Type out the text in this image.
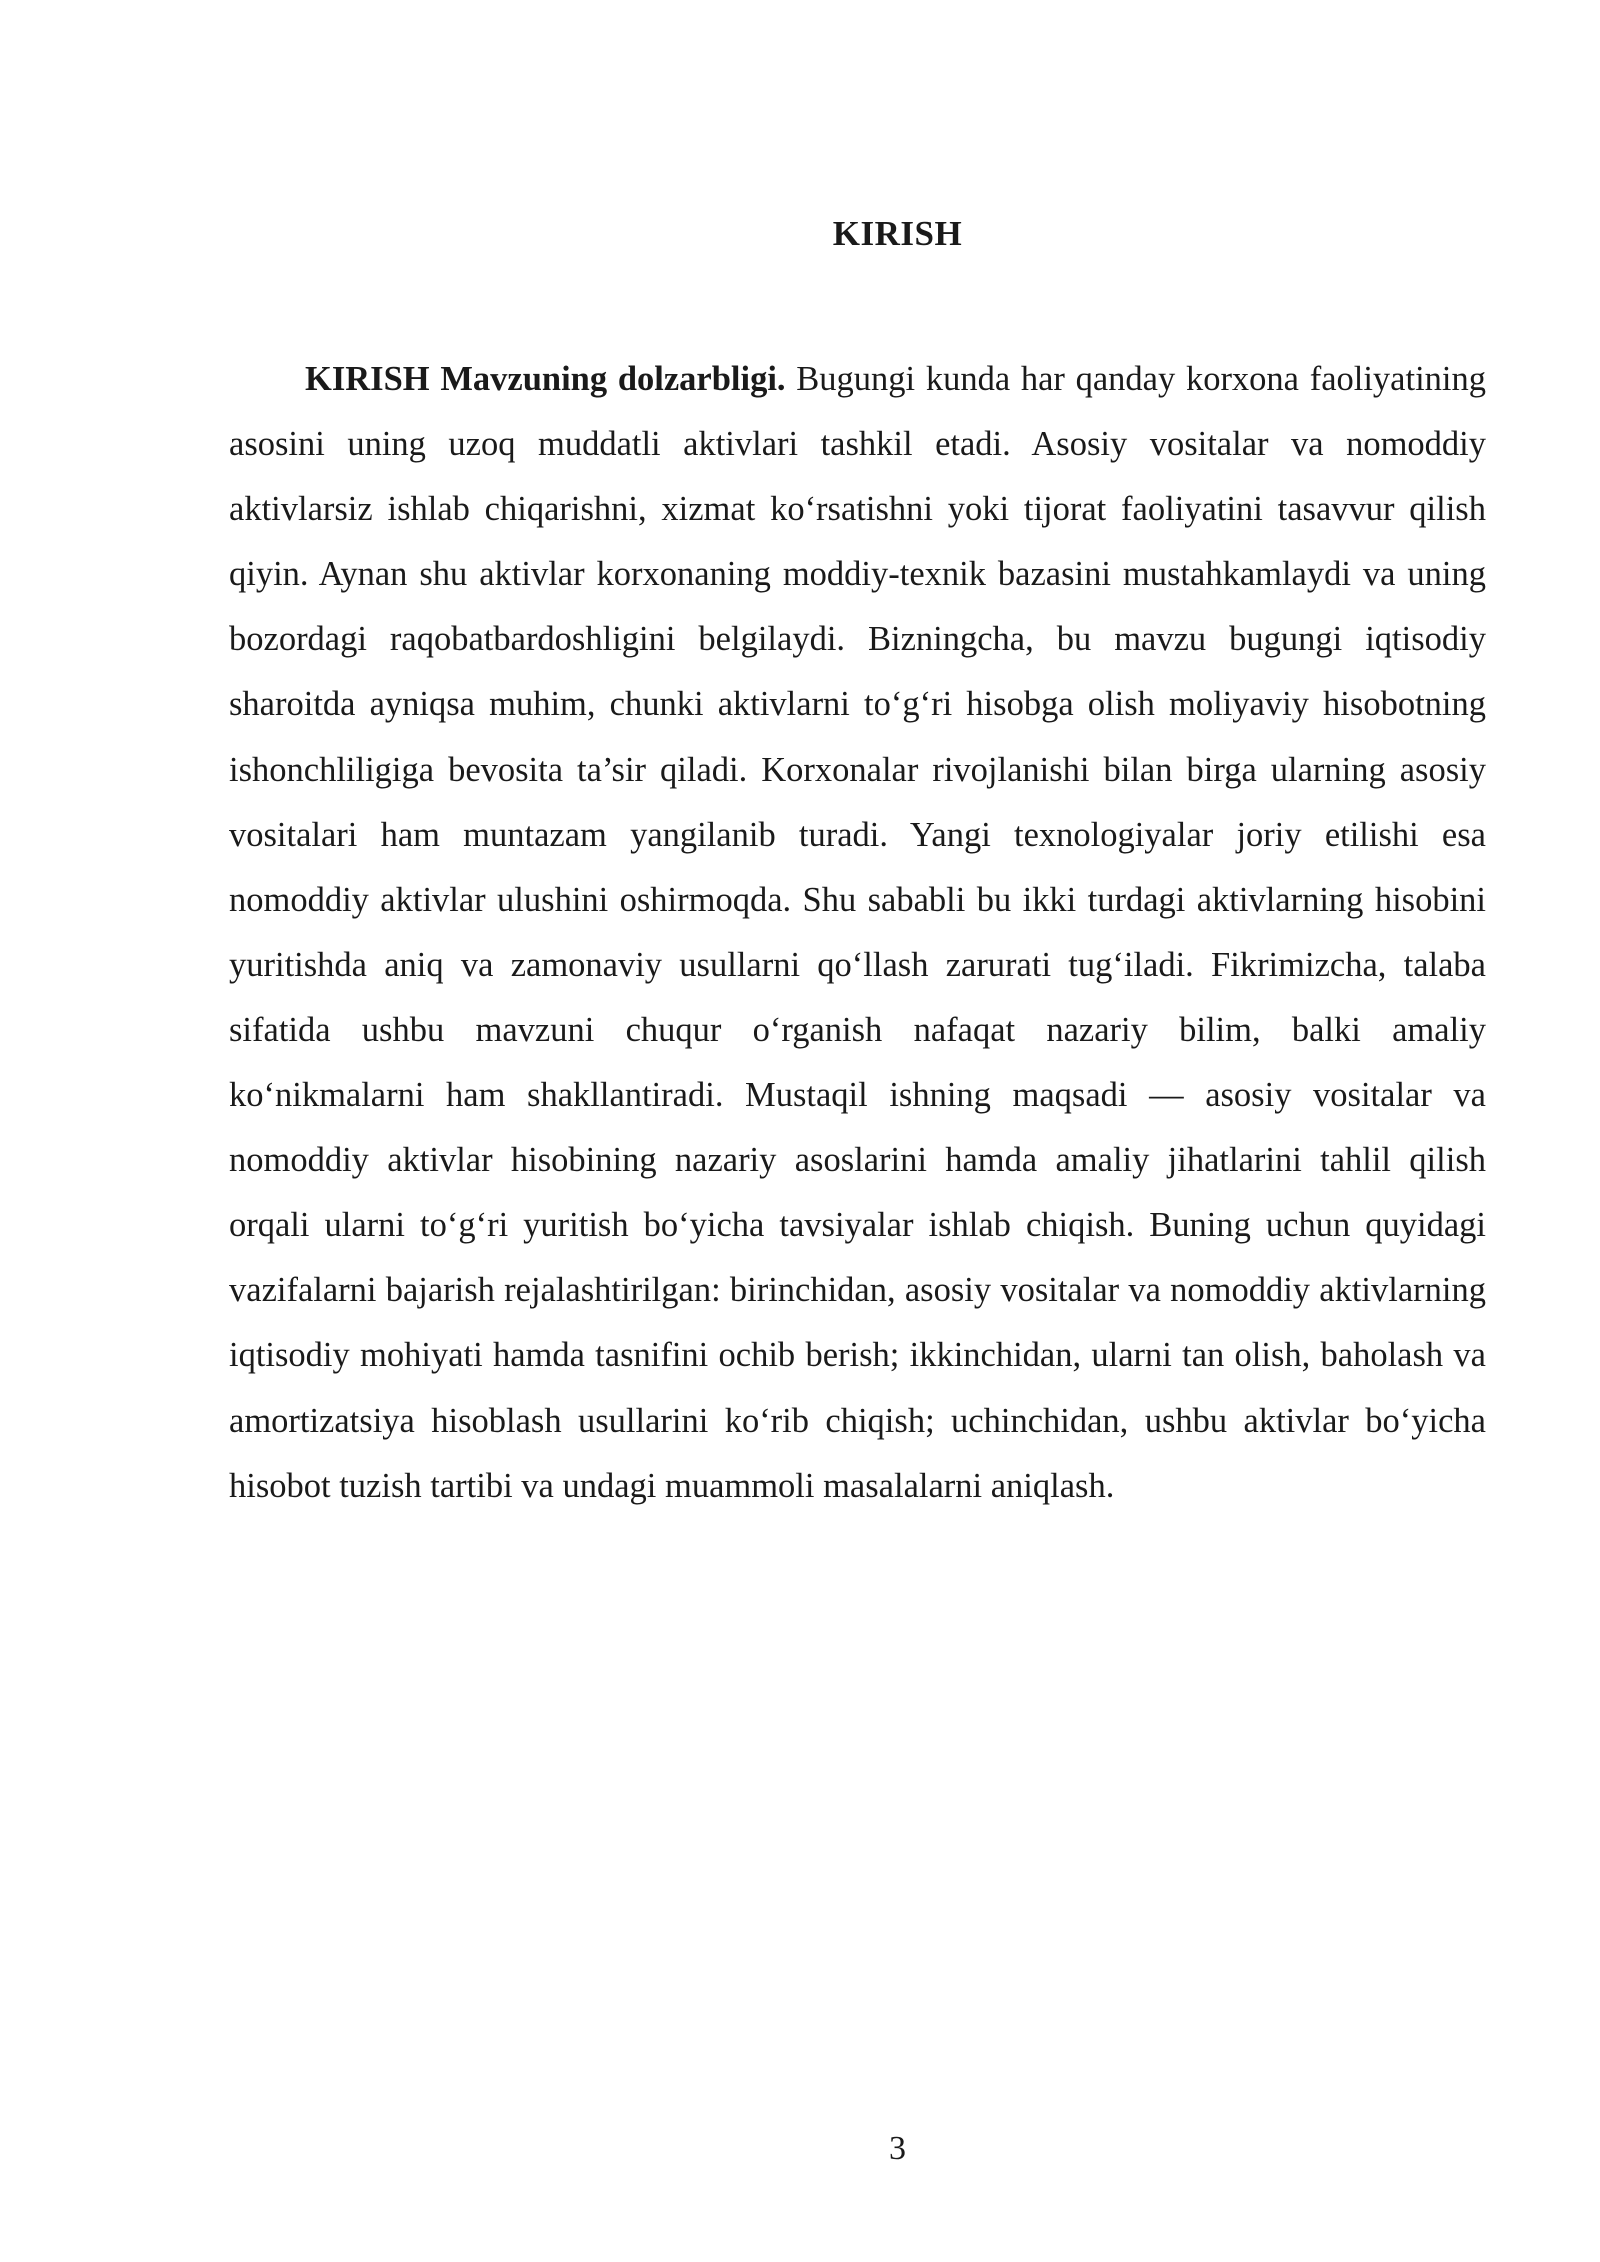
KIRISH

KIRISH Mavzuning dolzarbligi. Bugungi kunda har qanday korxona faoliyatining asosini uning uzoq muddatli aktivlari tashkil etadi. Asosiy vositalar va nomoddiy aktivlarsiz ishlab chiqarishni, xizmat ko‘rsatishni yoki tijorat faoliyatini tasavvur qilish qiyin. Aynan shu aktivlar korxonaning moddiy-texnik bazasini mustahkamlaydi va uning bozordagi raqobatbardoshligini belgilaydi. Bizningcha, bu mavzu bugungi iqtisodiy sharoitda ayniqsa muhim, chunki aktivlarni to‘g‘ri hisobga olish moliyaviy hisobotning ishonchliligiga bevosita ta’sir qiladi. Korxonalar rivojlanishi bilan birga ularning asosiy vositalari ham muntazam yangilanib turadi. Yangi texnologiyalar joriy etilishi esa nomoddiy aktivlar ulushini oshirmoqda. Shu sababli bu ikki turdagi aktivlarning hisobini yuritishda aniq va zamonaviy usullarni qo‘llash zarurati tug‘iladi. Fikrimizcha, talaba sifatida ushbu mavzuni chuqur o‘rganish nafaqat nazariy bilim, balki amaliy ko‘nikmalarni ham shakllantiradi. Mustaqil ishning maqsadi — asosiy vositalar va nomoddiy aktivlar hisobining nazariy asoslarini hamda amaliy jihatlarini tahlil qilish orqali ularni to‘g‘ri yuritish bo‘yicha tavsiyalar ishlab chiqish. Buning uchun quyidagi vazifalarni bajarish rejalashtirilgan: birinchidan, asosiy vositalar va nomoddiy aktivlarning iqtisodiy mohiyati hamda tasnifini ochib berish; ikkinchidan, ularni tan olish, baholash va amortizatsiya hisoblash usullarini ko‘rib chiqish; uchinchidan, ushbu aktivlar bo‘yicha hisobot tuzish tartibi va undagi muammoli masalalarni aniqlash.

3
